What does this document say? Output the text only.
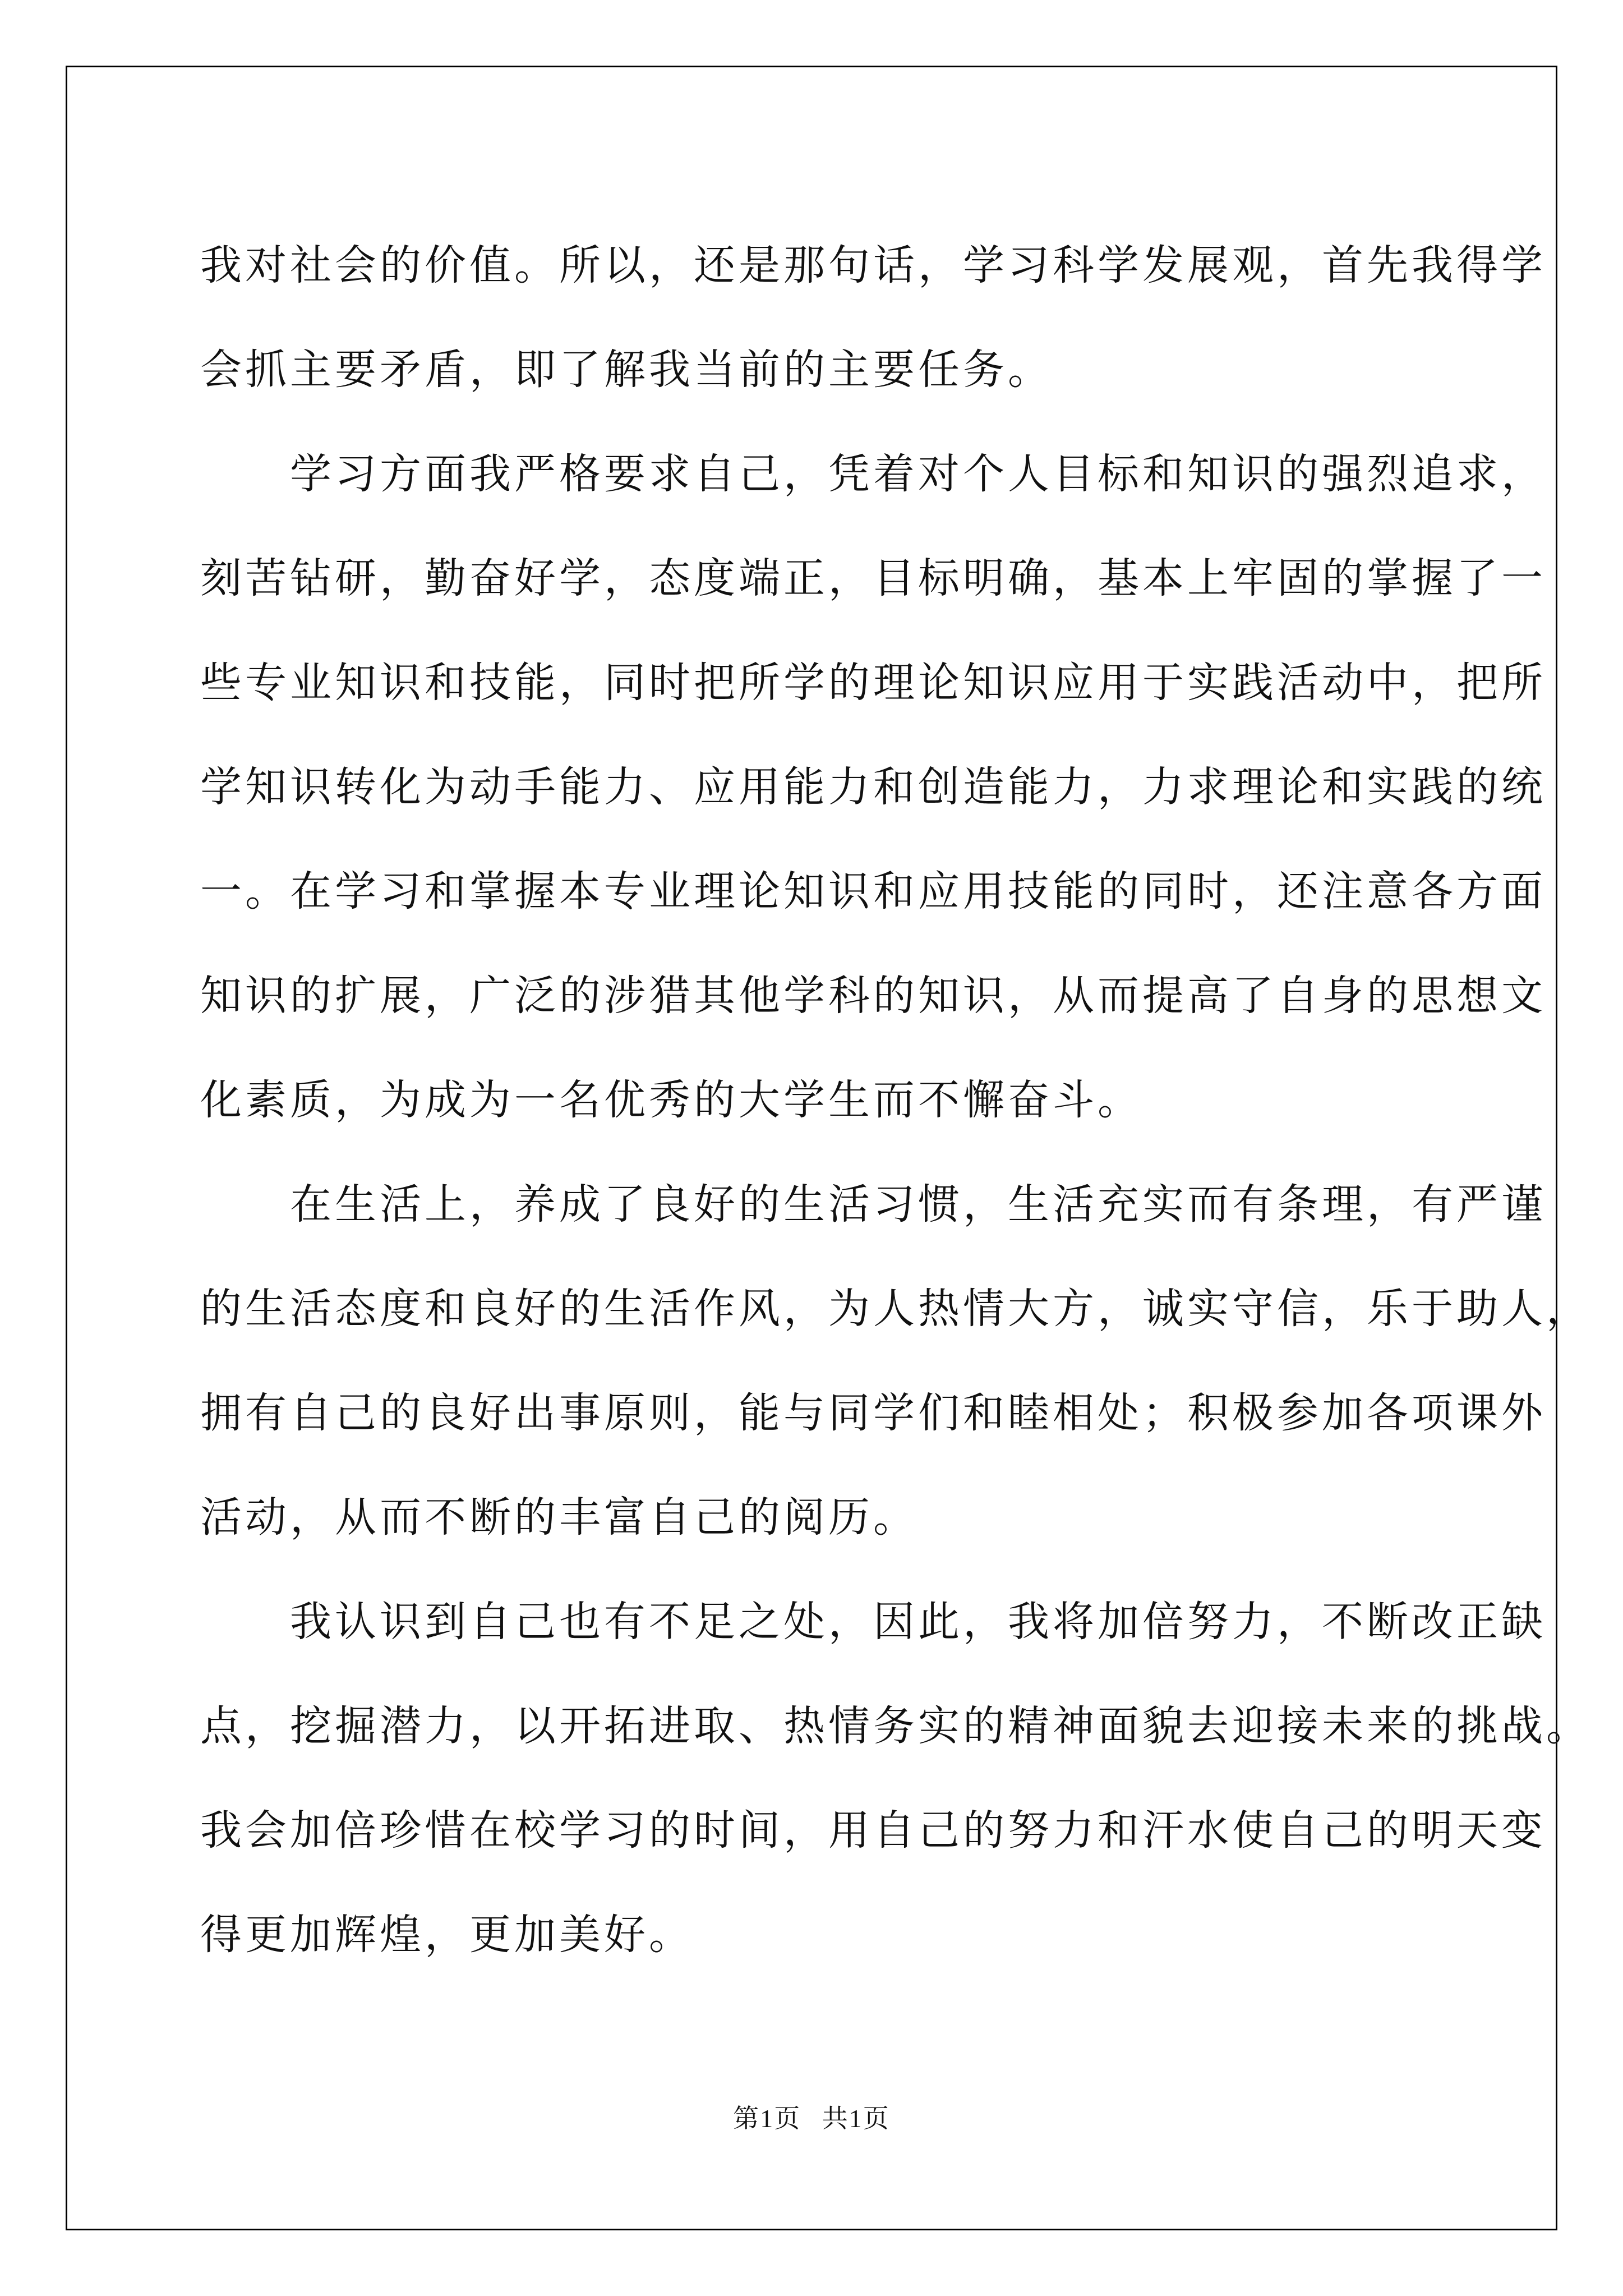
我对社会的价值。所以，还是那句话，学习科学发展观，首先我得学
会抓主要矛盾，即了解我当前的主要任务。
　　学习方面我严格要求自己，凭着对个人目标和知识的强烈追求，
刻苦钻研，勤奋好学，态度端正，目标明确，基本上牢固的掌握了一
些专业知识和技能，同时把所学的理论知识应用于实践活动中，把所
学知识转化为动手能力、应用能力和创造能力，力求理论和实践的统
一。在学习和掌握本专业理论知识和应用技能的同时，还注意各方面
知识的扩展，广泛的涉猎其他学科的知识，从而提高了自身的思想文
化素质，为成为一名优秀的大学生而不懈奋斗。
　　在生活上，养成了良好的生活习惯，生活充实而有条理，有严谨
的生活态度和良好的生活作风，为人热情大方，诚实守信，乐于助人，
拥有自己的良好出事原则，能与同学们和睦相处；积极参加各项课外
活动，从而不断的丰富自己的阅历。
　　我认识到自己也有不足之处，因此，我将加倍努力，不断改正缺
点，挖掘潜力，以开拓进取、热情务实的精神面貌去迎接未来的挑战。
我会加倍珍惜在校学习的时间，用自己的努力和汗水使自己的明天变
得更加辉煌，更加美好。
第1页 共1页
